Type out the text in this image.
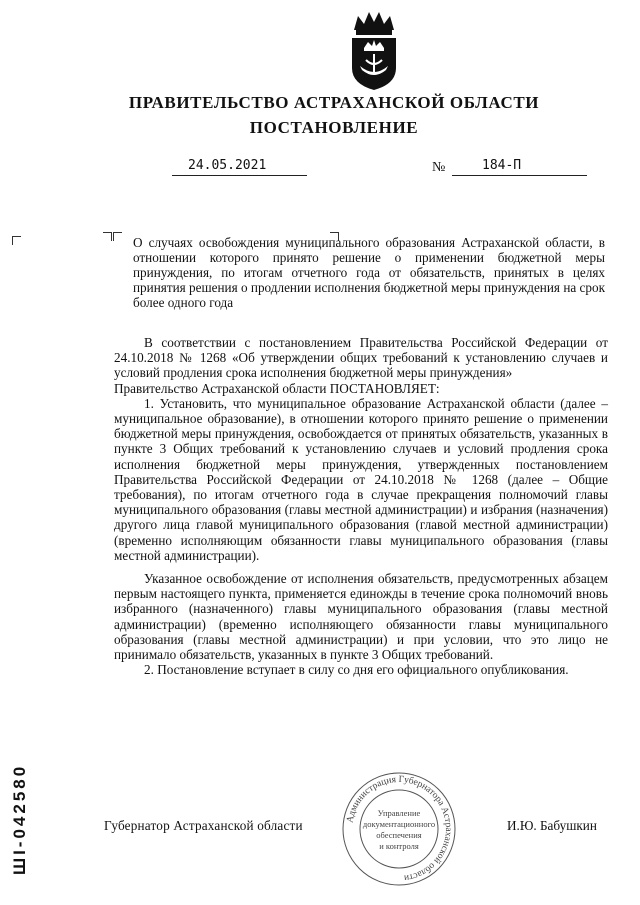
ПРАВИТЕЛЬСТВО АСТРАХАНСКОЙ ОБЛАСТИ
ПОСТАНОВЛЕНИЕ
24.05.2021	№	184-П
О случаях освобождения муниципального образования Астраханской области, в отношении которого принято решение о применении бюджетной меры принуждения, по итогам отчетного года от обязательств, принятых в целях принятия решения о продлении исполнения бюджетной меры принуждения на срок более одного года

В соответствии с постановлением Правительства Российской Федерации от 24.10.2018 № 1268 «Об утверждении общих требований к установлению случаев и условий продления срока исполнения бюджетной меры принуждения»

Правительство Астраханской области ПОСТАНОВЛЯЕТ:

1. Установить, что муниципальное образование Астраханской области (далее – муниципальное образование), в отношении которого принято решение о применении бюджетной меры принуждения, освобождается от принятых обязательств, указанных в пункте 3 Общих требований к установлению случаев и условий продления срока исполнения бюджетной меры принуждения, утвержденных постановлением Правительства Российской Федерации от 24.10.2018 № 1268 (далее – Общие требования), по итогам отчетного года в случае прекращения полномочий главы муниципального образования (главы местной администрации) и избрания (назначения) другого лица главой муниципального образования (главой местной администрации) (временно исполняющим обязанности главы муниципального образования (главы местной администрации).

Указанное освобождение от исполнения обязательств, предусмотренных абзацем первым настоящего пункта, применяется единожды в течение срока полномочий вновь избранного (назначенного) главы муниципального образования (главы местной администрации) (временно исполняющего обязанности главы муниципального образования (главы местной администрации) и при условии, что это лицо не принимало обязательств, указанных в пункте 3 Общих требований.

2. Постановление вступает в силу со дня его официального опубликования.

Губернатор Астраханской области	И.Ю. Бабушкин
Администрация Губернатора Астраханской области
Управление
документационного
обеспечения
и контроля
ШІ-042580
